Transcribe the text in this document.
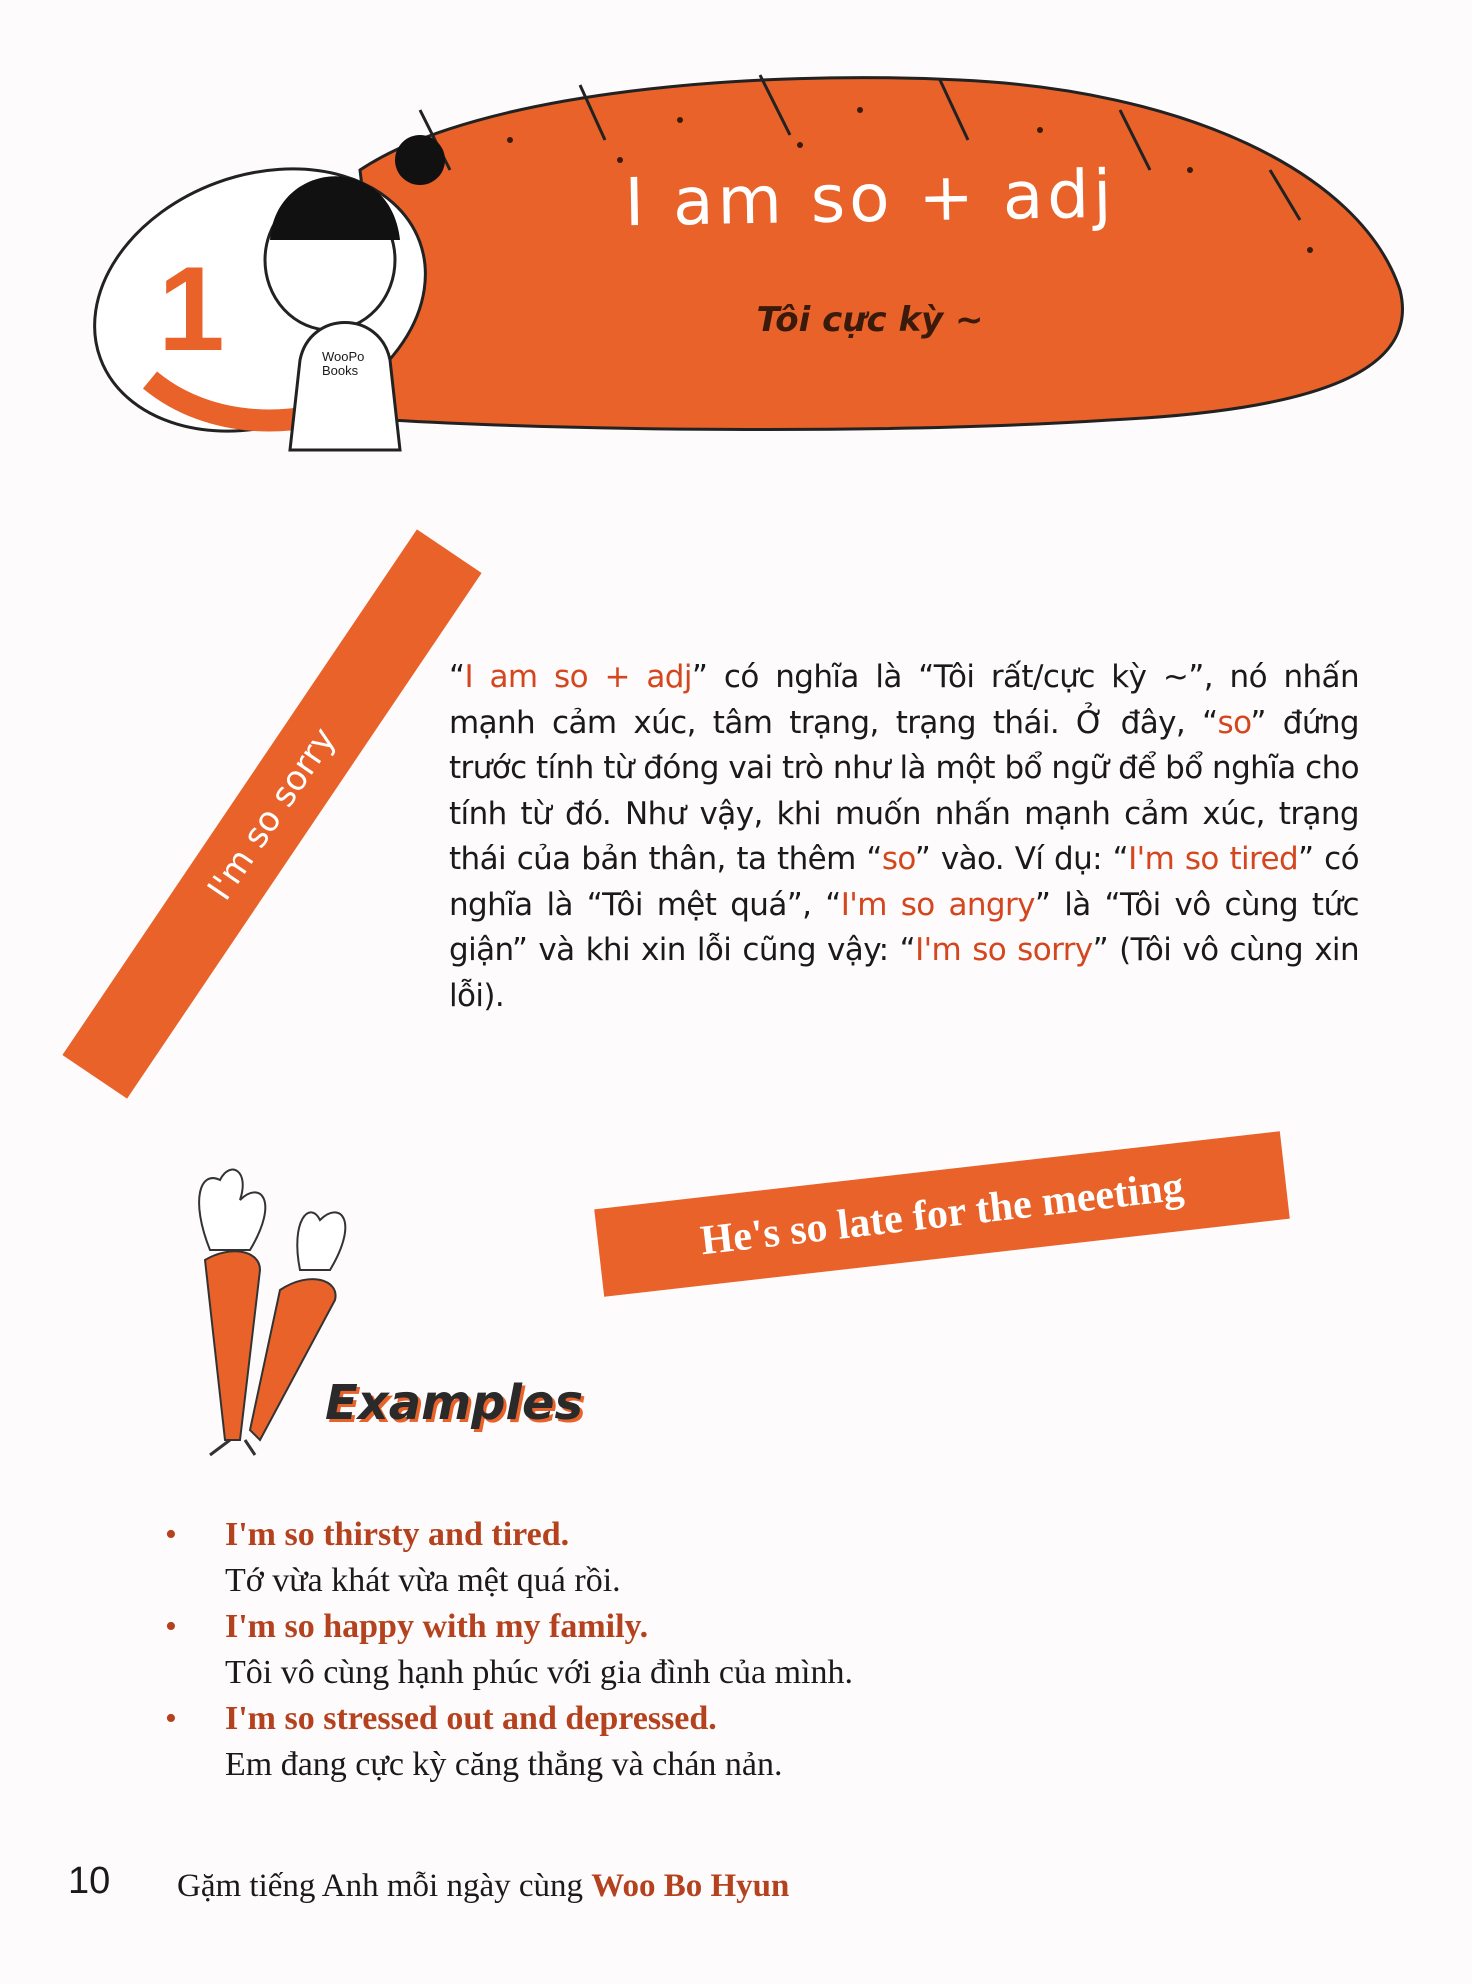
1
I am so + adj
Tôi cực kỳ ~
WooPo Books
I'm so sorry
“I am so + adj” có nghĩa là “Tôi rất/cực kỳ ~”, nó nhấn mạnh cảm xúc, tâm trạng, trạng thái. Ở đây, “so” đứng trước tính từ đóng vai trò như là một bổ ngữ để bổ nghĩa cho tính từ đó. Như vậy, khi muốn nhấn mạnh cảm xúc, trạng thái của bản thân, ta thêm “so” vào. Ví dụ: “I'm so tired” có nghĩa là “Tôi mệt quá”, “I'm so angry” là “Tôi vô cùng tức giận” và khi xin lỗi cũng vậy: “I'm so sorry” (Tôi vô cùng xin lỗi).
He's so late for the meeting
Examples
• I'm so thirsty and tired.
Tớ vừa khát vừa mệt quá rồi.
• I'm so happy with my family.
Tôi vô cùng hạnh phúc với gia đình của mình.
• I'm so stressed out and depressed.
Em đang cực kỳ căng thẳng và chán nản.
10 Gặm tiếng Anh mỗi ngày cùng Woo Bo Hyun
